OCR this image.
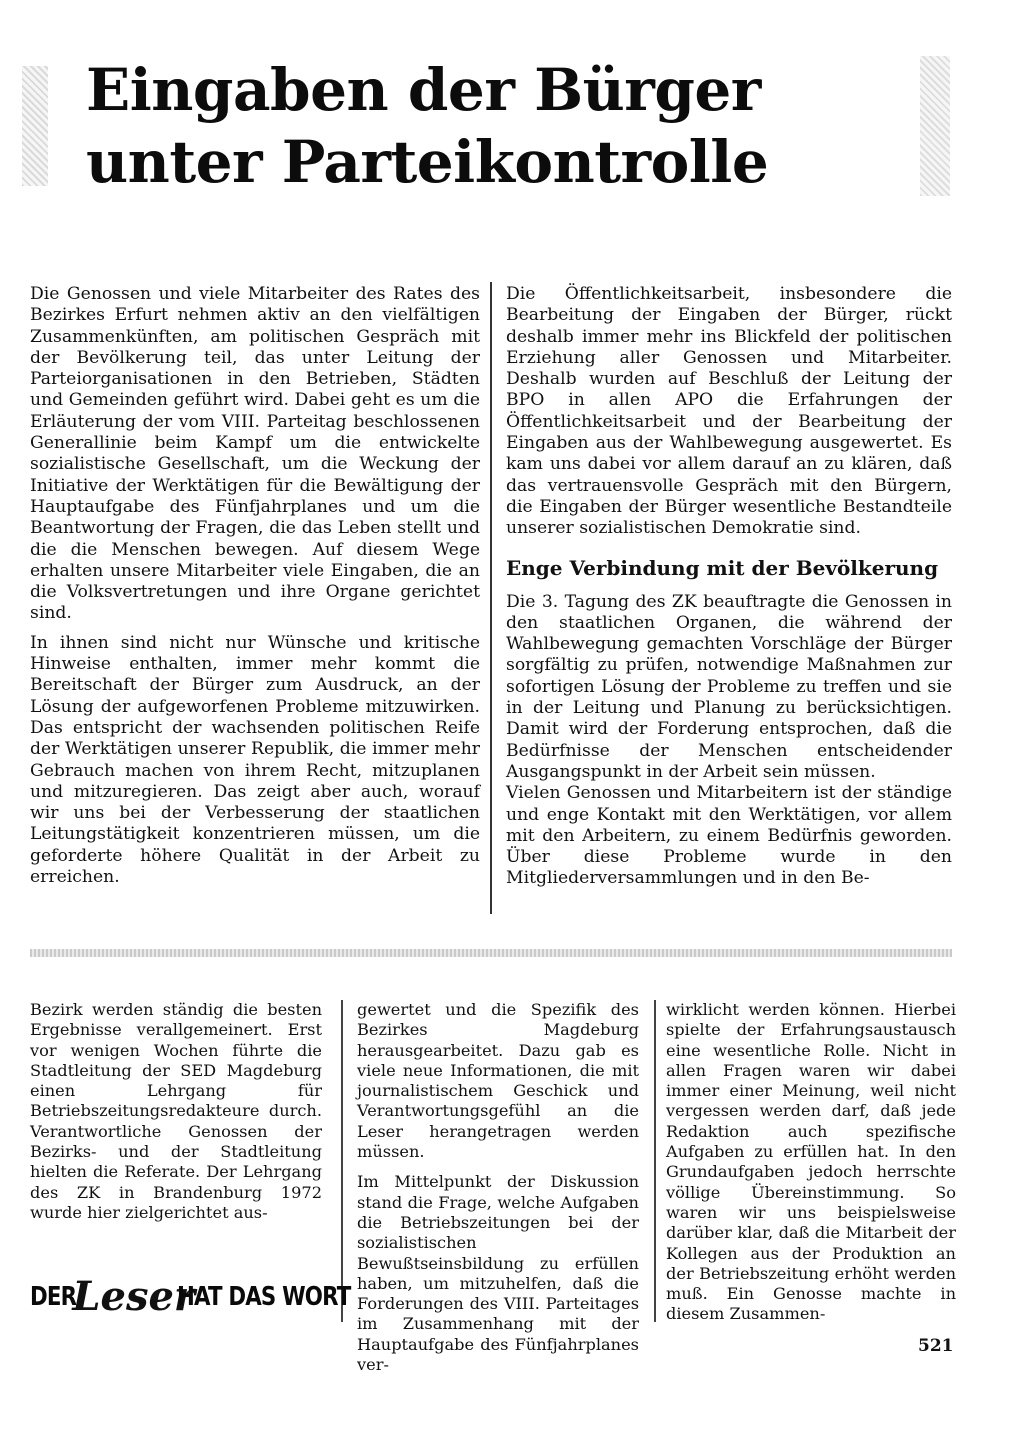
Eingaben der Bürger
unter Parteikontrolle

Die Genossen und viele Mitarbeiter des Rates des Bezirkes Erfurt nehmen aktiv an den vielfältigen Zusammenkünften, am politischen Gespräch mit der Bevölkerung teil, das unter Leitung der Parteiorganisationen in den Betrieben, Städten und Gemeinden geführt wird. Dabei geht es um die Erläuterung der vom VIII. Parteitag beschlossenen Generallinie beim Kampf um die entwickelte sozialistische Gesellschaft, um die Weckung der Initiative der Werktätigen für die Bewältigung der Hauptaufgabe des Fünfjahrplanes und um die Beantwortung der Fragen, die das Leben stellt und die die Menschen bewegen. Auf diesem Wege erhalten unsere Mitarbeiter viele Eingaben, die an die Volksvertretungen und ihre Organe gerichtet sind.

In ihnen sind nicht nur Wünsche und kritische Hinweise enthalten, immer mehr kommt die Bereitschaft der Bürger zum Ausdruck, an der Lösung der aufgeworfenen Probleme mitzuwirken. Das entspricht der wachsenden politischen Reife der Werktätigen unserer Republik, die immer mehr Gebrauch machen von ihrem Recht, mitzuplanen und mitzuregieren. Das zeigt aber auch, worauf wir uns bei der Verbesserung der staatlichen Leitungstätigkeit konzentrieren müssen, um die geforderte höhere Qualität in der Arbeit zu erreichen.

Die Öffentlichkeitsarbeit, insbesondere die Bearbeitung der Eingaben der Bürger, rückt deshalb immer mehr ins Blickfeld der politischen Erziehung aller Genossen und Mitarbeiter. Deshalb wurden auf Beschluß der Leitung der BPO in allen APO die Erfahrungen der Öffentlichkeitsarbeit und der Bearbeitung der Eingaben aus der Wahlbewegung ausgewertet. Es kam uns dabei vor allem darauf an zu klären, daß das vertrauensvolle Gespräch mit den Bürgern, die Eingaben der Bürger wesentliche Bestandteile unserer sozialistischen Demokratie sind.

Enge Verbindung mit der Bevölkerung

Die 3. Tagung des ZK beauftragte die Genossen in den staatlichen Organen, die während der Wahlbewegung gemachten Vorschläge der Bürger sorgfältig zu prüfen, notwendige Maßnahmen zur sofortigen Lösung der Probleme zu treffen und sie in der Leitung und Planung zu berücksichtigen. Damit wird der Forderung entsprochen, daß die Bedürfnisse der Menschen entscheidender Ausgangspunkt in der Arbeit sein müssen.

Vielen Genossen und Mitarbeitern ist der ständige und enge Kontakt mit den Werktätigen, vor allem mit den Arbeitern, zu einem Bedürfnis geworden. Über diese Probleme wurde in den Mitgliederversammlungen und in den Be-

Bezirk werden ständig die besten Ergebnisse verallgemeinert. Erst vor wenigen Wochen führte die Stadtleitung der SED Magdeburg einen Lehrgang für Betriebszeitungsredakteure durch. Verantwortliche Genossen der Bezirks- und der Stadtleitung hielten die Referate. Der Lehrgang des ZK in Brandenburg 1972 wurde hier zielgerichtet aus-

gewertet und die Spezifik des Bezirkes Magdeburg herausgearbeitet. Dazu gab es viele neue Informationen, die mit journalistischem Geschick und Verantwortungsgefühl an die Leser herangetragen werden müssen.

Im Mittelpunkt der Diskussion stand die Frage, welche Aufgaben die Betriebszeitungen bei der sozialistischen Bewußtseinsbildung zu erfüllen haben, um mitzuhelfen, daß die Forderungen des VIII. Parteitages im Zusammenhang mit der Hauptaufgabe des Fünfjahrplanes ver-

wirklicht werden können. Hierbei spielte der Erfahrungsaustausch eine wesentliche Rolle. Nicht in allen Fragen waren wir dabei immer einer Meinung, weil nicht vergessen werden darf, daß jede Redaktion auch spezifische Aufgaben zu erfüllen hat. In den Grundaufgaben jedoch herrschte völlige Übereinstimmung. So waren wir uns beispielsweise darüber klar, daß die Mitarbeit der Kollegen aus der Produktion an der Betriebszeitung erhöht werden muß. Ein Genosse machte in diesem Zusammen-

DER
Leser
HAT DAS WORT

521
